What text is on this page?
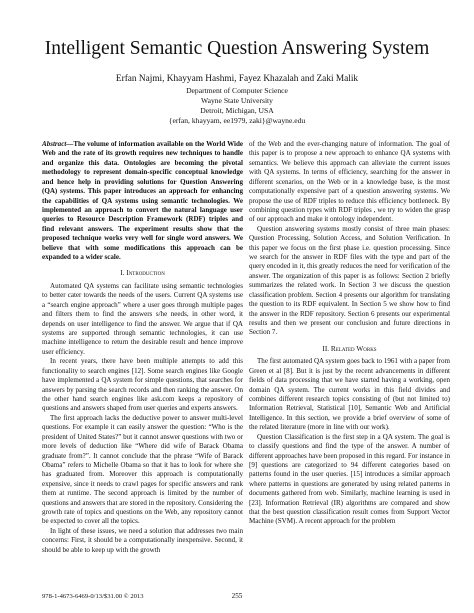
Intelligent Semantic Question Answering System
Erfan Najmi, Khayyam Hashmi, Fayez Khazalah and Zaki Malik
Department of Computer Science
Wayne State University
Detroit, Michigan, USA
{erfan, khayyam, ee1979, zaki}@wayne.edu

Abstract—The volume of information available on the World Wide Web and the rate of its growth requires new techniques to handle and organize this data. Ontologies are becoming the pivotal methodology to represent domain-specific conceptual knowledge and hence help in providing solutions for Question Answering (QA) systems. This paper introduces an approach for enhancing the capabilities of QA systems using semantic technologies. We implemented an approach to convert the natural language user queries to Resource Description Framework (RDF) triples and find relevant answers. The experiment results show that the proposed technique works very well for single word answers. We believe that with some modifications this approach can be expanded to a wider scale.

I. Introduction

Automated QA systems can facilitate using semantic technologies to better cater towards the needs of the users. Current QA systems use a “search engine approach” where a user goes through multiple pages and filters them to find the answers s/he needs, in other word, it depends on user intelligence to find the answer. We argue that if QA systems are supported through semantic technologies, it can use machine intelligence to return the desirable result and hence improve user efficiency.

In recent years, there have been multiple attempts to add this functionality to search engines [12]. Some search engines like Google have implemented a QA system for simple questions, that searches for answers by parsing the search records and then ranking the answer. On the other hand search engines like ask.com keeps a repository of questions and answers shaped from user queries and experts answers.

The first approach lacks the deductive power to answer multi-level questions. For example it can easily answer the question: “Who is the president of United States?” but it cannot answer questions with two or more levels of deduction like “Where did wife of Barack Obama graduate from?”. It cannot conclude that the phrase “Wife of Barack Obama” refers to Michelle Obama so that it has to look for where she has graduated from. Moreover this approach is computationally expensive, since it needs to crawl pages for specific answers and rank them at runtime. The second approach is limited by the number of questions and answers that are stored in the repository. Considering the growth rate of topics and questions on the Web, any repository cannot be expected to cover all the topics.

In light of these issues, we need a solution that addresses two main concerns: First, it should be a computationally inexpensive. Second, it should be able to keep up with the growth

of the Web and the ever-changing nature of information. The goal of this paper is to propose a new approach to enhance QA systems with semantics. We believe this approach can alleviate the current issues with QA systems. In terms of efficiency, searching for the answer in different scenarios, on the Web or in a knowledge base, is the most computationally expensive part of a question answering systems. We propose the use of RDF triples to reduce this efficiency bottleneck. By combining question types with RDF triples , we try to widen the grasp of our approach and make it ontology independent.

Question answering systems mostly consist of three main phases: Question Processing, Solution Access, and Solution Verification. In this paper we focus on the first phase i.e. question processing. Since we search for the answer in RDF files with the type and part of the query encoded in it, this greatly reduces the need for verification of the answer. The organization of this paper is as follows: Section 2 briefly summarizes the related work. In Section 3 we discuss the question classification problem. Section 4 presents our algorithm for translating the question to its RDF equivalent. In Section 5 we show how to find the answer in the RDF repository. Section 6 presents our experimental results and then we present our conclusion and future directions in Section 7.

II. Related Works

The first automated QA system goes back to 1961 with a paper from Green et al [8]. But it is just by the recent advancements in different fields of data processing that we have started having a working, open domain QA system. The current works in this field divides and combines different research topics consisting of (but not limited to) Information Retrieval, Statistical [10], Semantic Web and Artificial Intelligence. In this section, we provide a brief overview of some of the related literature (more in line with our work).

Question Classification is the first step in a QA system. The goal is to classify questions and find the type of the answer. A number of different approaches have been proposed in this regard. For instance in [9] questions are categorized to 94 different categories based on patterns found in the user queries. [15] introduces a similar approach where patterns in questions are generated by using related patterns in documents gathered from web. Similarly, machine learning is used in [23]. Information Retrieval (IR) algorithms are compared and show that the best question classification result comes from Support Vector Machine (SVM). A recent approach for the problem

978-1-4673-6469-0/13/$31.00 © 2013	255
